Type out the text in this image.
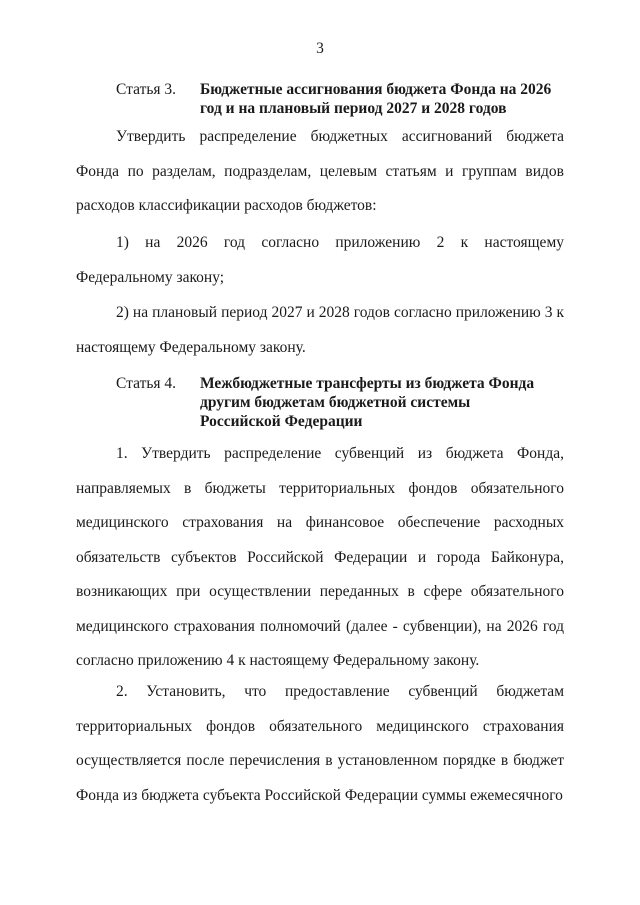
3
Статья 3. Бюджетные ассигнования бюджета Фонда на 2026
год и на плановый период 2027 и 2028 годов
Утвердить распределение бюджетных ассигнований бюджета Фонда по разделам, подразделам, целевым статьям и группам видов расходов классификации расходов бюджетов:
1) на 2026 год согласно приложению 2 к настоящему Федеральному закону;
2) на плановый период 2027 и 2028 годов согласно приложению 3 к настоящему Федеральному закону.
Статья 4. Межбюджетные трансферты из бюджета Фонда
другим бюджетам бюджетной системы
Российской Федерации
1. Утвердить распределение субвенций из бюджета Фонда, направляемых в бюджеты территориальных фондов обязательного медицинского страхования на финансовое обеспечение расходных обязательств субъектов Российской Федерации и города Байконура, возникающих при осуществлении переданных в сфере обязательного медицинского страхования полномочий (далее - субвенции), на 2026 год согласно приложению 4 к настоящему Федеральному закону.
2. Установить, что предоставление субвенций бюджетам территориальных фондов обязательного медицинского страхования осуществляется после перечисления в установленном порядке в бюджет Фонда из бюджета субъекта Российской Федерации суммы ежемесячного
